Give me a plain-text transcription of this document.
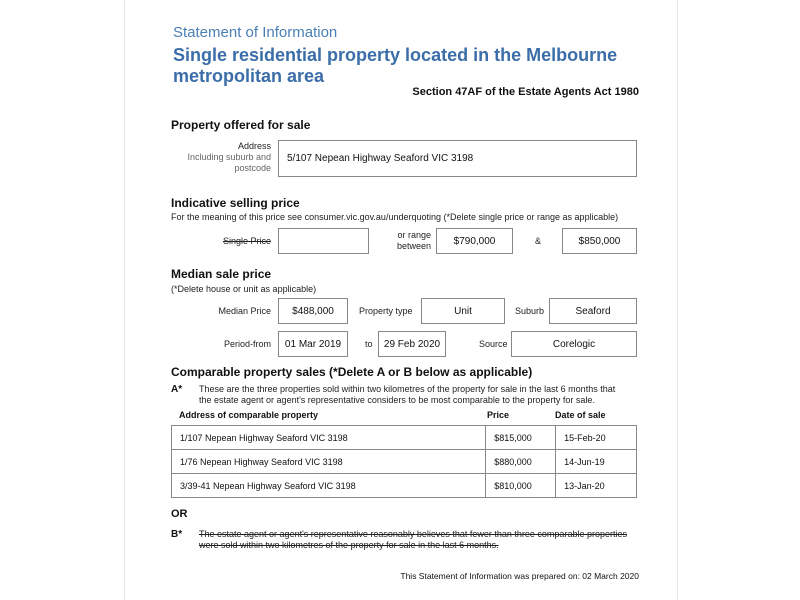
Statement of Information
Single residential property located in the Melbourne metropolitan area
Section 47AF of the Estate Agents Act 1980
Property offered for sale
Address
Including suburb and postcode
5/107 Nepean Highway Seaford VIC 3198
Indicative selling price
For the meaning of this price see consumer.vic.gov.au/underquoting (*Delete single price or range as applicable)
Single Price
or range between $790,000	&	$850,000
Median sale price
(*Delete house or unit as applicable)
Median Price $488,000	Property type	Unit	Suburb	Seaford
Period-from 01 Mar 2019	to 29 Feb 2020	Source	Corelogic
Comparable property sales (*Delete A or B below as applicable)
A* These are the three properties sold within two kilometres of the property for sale in the last 6 months that the estate agent or agent's representative considers to be most comparable to the property for sale.
Address of comparable property	Price	Date of sale
1/107 Nepean Highway Seaford VIC 3198	$815,000	15-Feb-20
1/76 Nepean Highway Seaford VIC 3198	$880,000	14-Jun-19
3/39-41 Nepean Highway Seaford VIC 3198	$810,000	13-Jan-20
OR
B* The estate agent or agent's representative reasonably believes that fewer than three comparable properties were sold within two kilometres of the property for sale in the last 6 months.
This Statement of Information was prepared on: 02 March 2020
